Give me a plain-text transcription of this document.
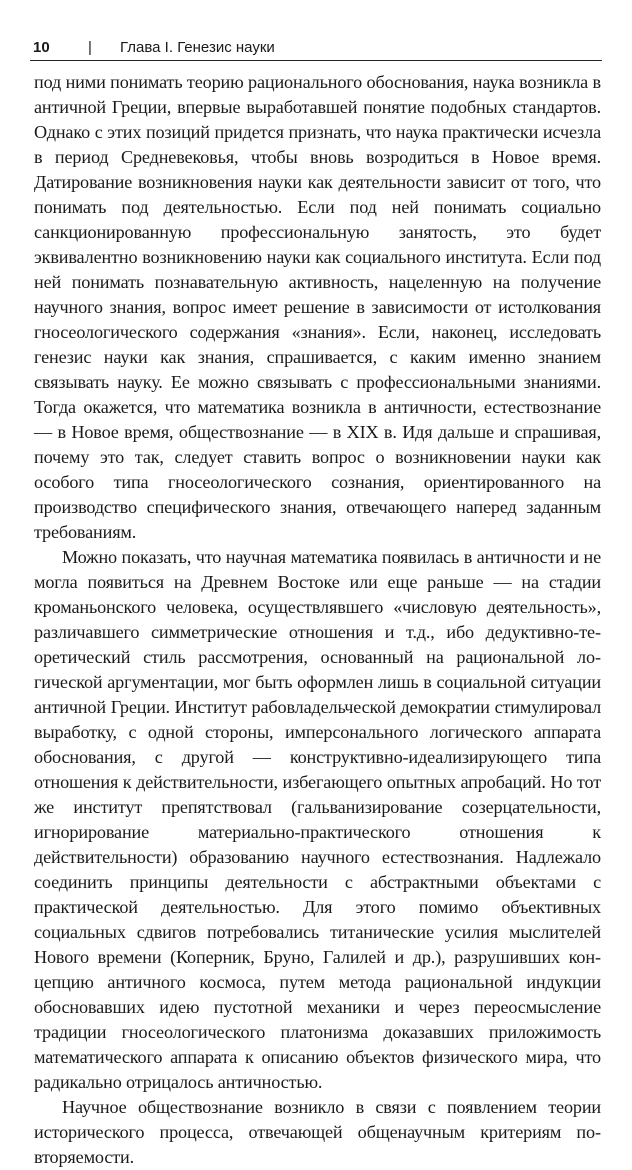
10	| Глава I. Генезис науки

под ними понимать теорию рационального обоснования, наука возникла в античной Греции, впервые выработавшей понятие подобных стандартов. Однако с этих позиций придется признать, что наука практически исчезла в период Средневековья, чтобы вновь возродиться в Новое время. Датирование возникновения науки как деятельности зависит от того, что понимать под деятельностью. Если под ней понимать социально санкционированную профессиональную занятость, это будет эквивалентно возникновению науки как социального института. Если под ней понимать познавательную активность, нацеленную на получение научного знания, вопрос имеет решение в зависимости от истолкования гносеологического содержания «знания». Если, наконец, исследовать генезис науки как знания, спрашивается, с каким именно знанием связывать науку. Ее можно связывать с профессиональными знаниями. Тогда окажется, что математика возникла в античности, естествознание — в Новое время, обществознание — в XIX в. Идя дальше и спрашивая, почему это так, следует ставить вопрос о возникновении науки как особого типа гносеологического сознания, ориентированного на производство специфического знания, отвечающего наперед заданным требованиям.

Можно показать, что научная математика появилась в античности и не могла появиться на Древнем Востоке или еще раньше — на стадии кроманьонского человека, осуществлявшего «числовую деятельность», различавшего симметрические отношения и т.д., ибо дедуктивно-теоретический стиль рассмотрения, основанный на рациональной логической аргументации, мог быть оформлен лишь в социальной ситуации античной Греции. Институт рабовладельческой демократии стимулировал выработку, с одной стороны, имперсонального логического аппарата обоснования, с другой — конструктивно-идеализирующего типа отношения к действительности, избегающего опытных апробаций. Но тот же институт препятствовал (гальванизирование созерцательности, игнорирование материально-практического отношения к действительности) образованию научного естествознания. Надлежало соединить принципы деятельности с абстрактными объектами с практической деятельностью. Для этого помимо объективных социальных сдвигов потребовались титанические усилия мыслителей Нового времени (Коперник, Бруно, Галилей и др.), разрушивших концепцию античного космоса, путем метода рациональной индукции обосновавших идею пустотной механики и через переосмысление традиции гносеологического платонизма доказавших приложимость математического аппарата к описанию объектов физического мира, что радикально отрицалось античностью.

Научное обществознание возникло в связи с появлением теории исторического процесса, отвечающей общенаучным критериям повторяемости.
